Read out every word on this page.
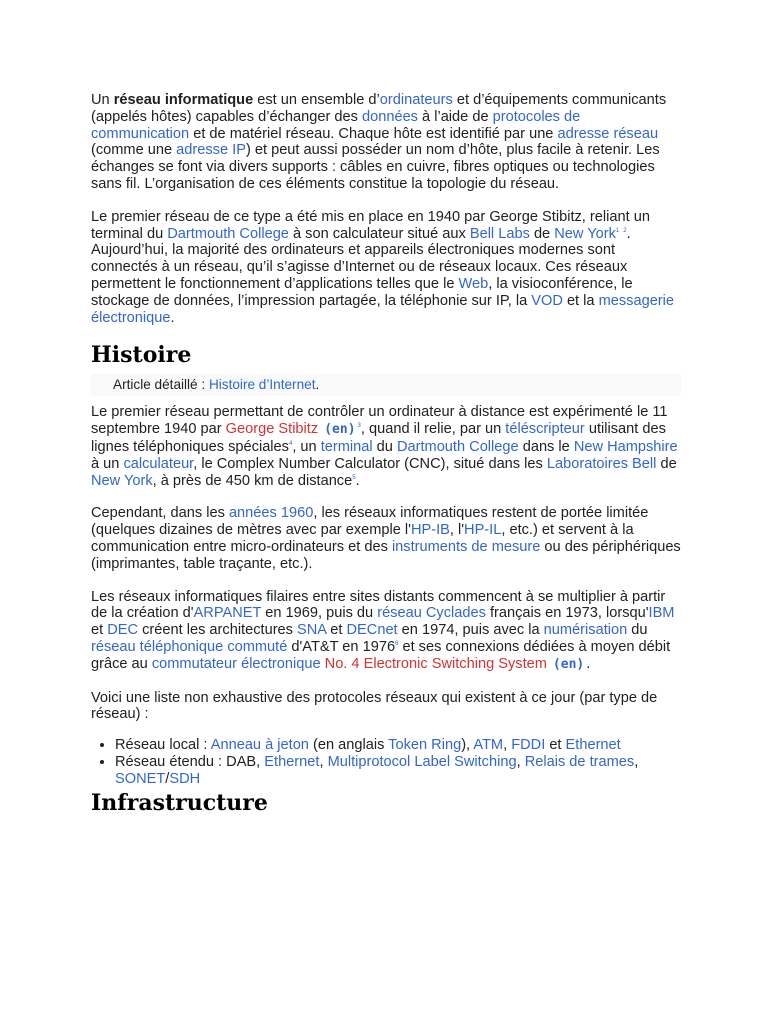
Un réseau informatique est un ensemble d’ordinateurs et d’équipements communicants (appelés hôtes) capables d’échanger des données à l’aide de protocoles de communication et de matériel réseau. Chaque hôte est identifié par une adresse réseau (comme une adresse IP) et peut aussi posséder un nom d’hôte, plus facile à retenir. Les échanges se font via divers supports : câbles en cuivre, fibres optiques ou technologies sans fil. L’organisation de ces éléments constitue la topologie du réseau.

Le premier réseau de ce type a été mis en place en 1940 par George Stibitz, reliant un terminal du Dartmouth College à son calculateur situé aux Bell Labs de New York$^1$ $^2$. Aujourd’hui, la majorité des ordinateurs et appareils électroniques modernes sont connectés à un réseau, qu’il s’agisse d’Internet ou de réseaux locaux. Ces réseaux permettent le fonctionnement d’applications telles que le Web, la visioconférence, le stockage de données, l’impression partagée, la téléphonie sur IP, la VOD et la messagerie électronique.

Histoire
Article détaillé : Histoire d’Internet.

Le premier réseau permettant de contrôler un ordinateur à distance est expérimenté le 11 septembre 1940 par George Stibitz (en) $^3$, quand il relie, par un téléscripteur utilisant des lignes téléphoniques spéciales$^4$, un terminal du Dartmouth College dans le New Hampshire à un calculateur, le Complex Number Calculator (CNC), situé dans les Laboratoires Bell de New York, à près de 450 km de distance$^5$.

Cependant, dans les années 1960, les réseaux informatiques restent de portée limitée (quelques dizaines de mètres avec par exemple l'HP-IB, l'HP-IL, etc.) et servent à la communication entre micro-ordinateurs et des instruments de mesure ou des périphériques (imprimantes, table traçante, etc.).

Les réseaux informatiques filaires entre sites distants commencent à se multiplier à partir de la création d'ARPANET en 1969, puis du réseau Cyclades français en 1973, lorsqu'IBM et DEC créent les architectures SNA et DECnet en 1974, puis avec la numérisation du réseau téléphonique commuté d'AT&T en 1976$^6$ et ses connexions dédiées à moyen débit grâce au commutateur électronique No. 4 Electronic Switching System (en) .

Voici une liste non exhaustive des protocoles réseaux qui existent à ce jour (par type de réseau) :

• Réseau local : Anneau à jeton (en anglais Token Ring), ATM, FDDI et Ethernet
• Réseau étendu : DAB, Ethernet, Multiprotocol Label Switching, Relais de trames, SONET/SDH
Infrastructure
